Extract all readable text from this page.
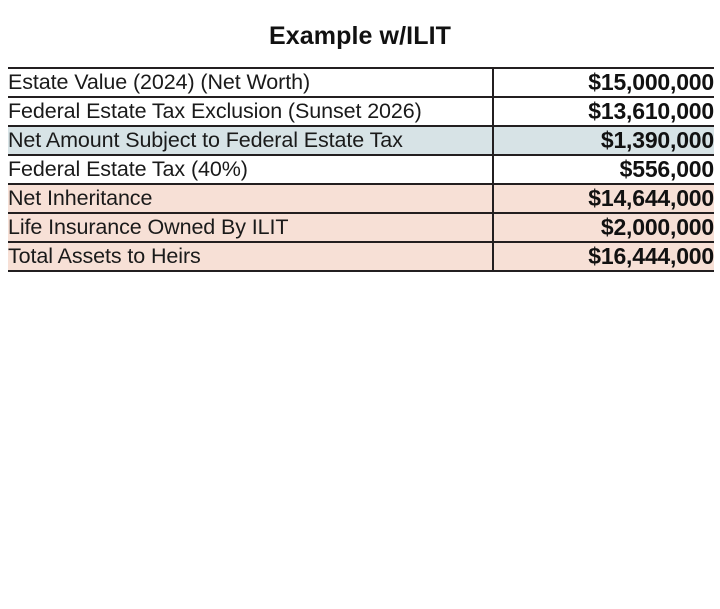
Example w/ILIT
Estate Value (2024) (Net Worth)	$15,000,000
Federal Estate Tax Exclusion (Sunset 2026)	$13,610,000
Net Amount Subject to Federal Estate Tax	$1,390,000
Federal Estate Tax (40%)	$556,000
Net Inheritance	$14,644,000
Life Insurance Owned By ILIT	$2,000,000
Total Assets to Heirs	$16,444,000
